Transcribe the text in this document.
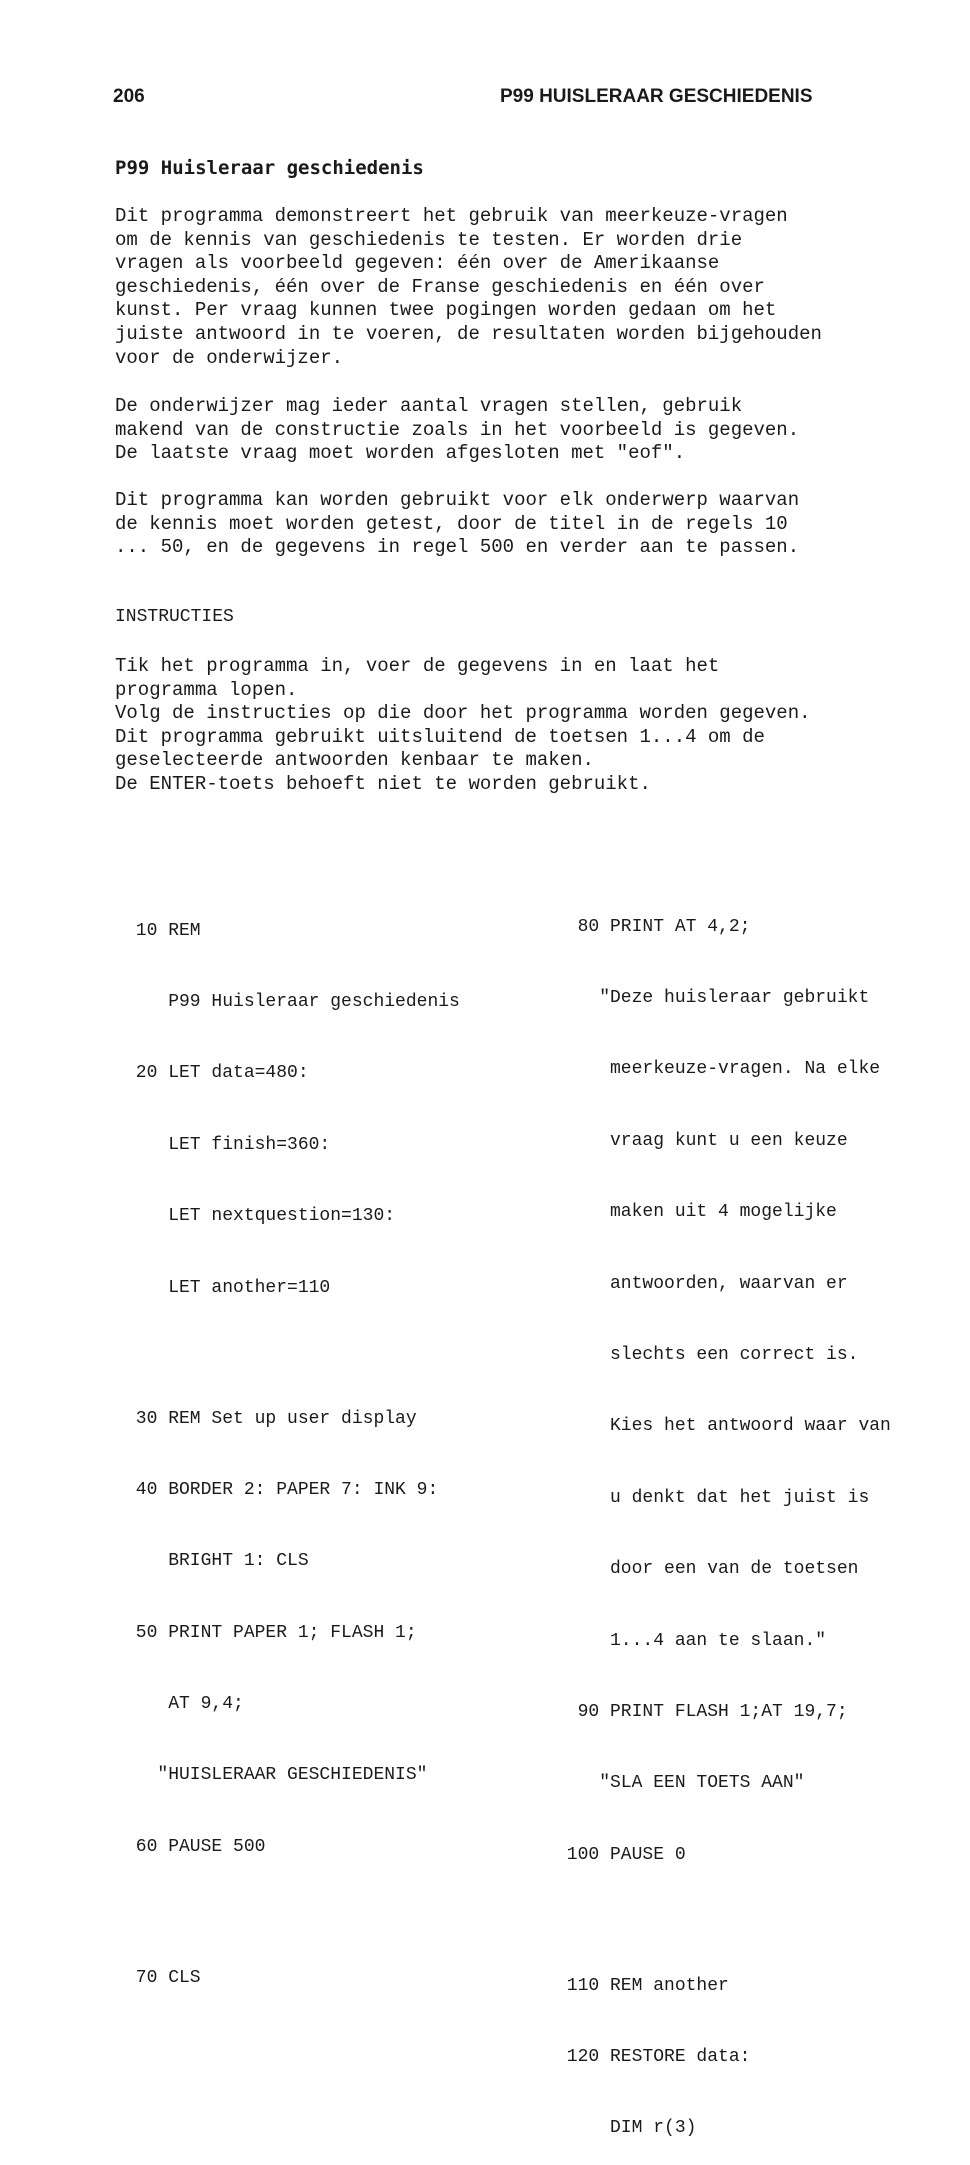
206	P99 HUISLERAAR GESCHIEDENIS
P99 Huisleraar geschiedenis

Dit programma demonstreert het gebruik van meerkeuze-vragen
om de kennis van geschiedenis te testen. Er worden drie
vragen als voorbeeld gegeven: één over de Amerikaanse
geschiedenis, één over de Franse geschiedenis en één over
kunst. Per vraag kunnen twee pogingen worden gedaan om het
juiste antwoord in te voeren, de resultaten worden bijgehouden
voor de onderwijzer.

De onderwijzer mag ieder aantal vragen stellen, gebruik
makend van de constructie zoals in het voorbeeld is gegeven.
De laatste vraag moet worden afgesloten met "eof".

Dit programma kan worden gebruikt voor elk onderwerp waarvan
de kennis moet worden getest, door de titel in de regels 10
... 50, en de gegevens in regel 500 en verder aan te passen.

INSTRUCTIES

Tik het programma in, voer de gegevens in en laat het
programma lopen.
Volg de instructies op die door het programma worden gegeven.
Dit programma gebruikt uitsluitend de toetsen 1...4 om de
geselecteerde antwoorden kenbaar te maken.
De ENTER-toets behoeft niet te worden gebruikt.

10 REM

P99 Huisleraar geschiedenis

20 LET data=480:

LET finish=360:

LET nextquestion=130:

LET another=110

30 REM Set up user display

40 BORDER 2: PAPER 7: INK 9:

BRIGHT 1: CLS

50 PRINT PAPER 1; FLASH 1;

AT 9,4;

"HUISLERAAR GESCHIEDENIS"

60 PAUSE 500

70 CLS

80 PRINT AT 4,2;

"Deze huisleraar gebruikt

meerkeuze-vragen. Na elke

vraag kunt u een keuze

maken uit 4 mogelijke

antwoorden, waarvan er

slechts een correct is.

Kies het antwoord waar van

u denkt dat het juist is

door een van de toetsen

1...4 aan te slaan."

90 PRINT FLASH 1;AT 19,7;

"SLA EEN TOETS AAN"

100 PAUSE 0

110 REM another

120 RESTORE data:

DIM r(3)
